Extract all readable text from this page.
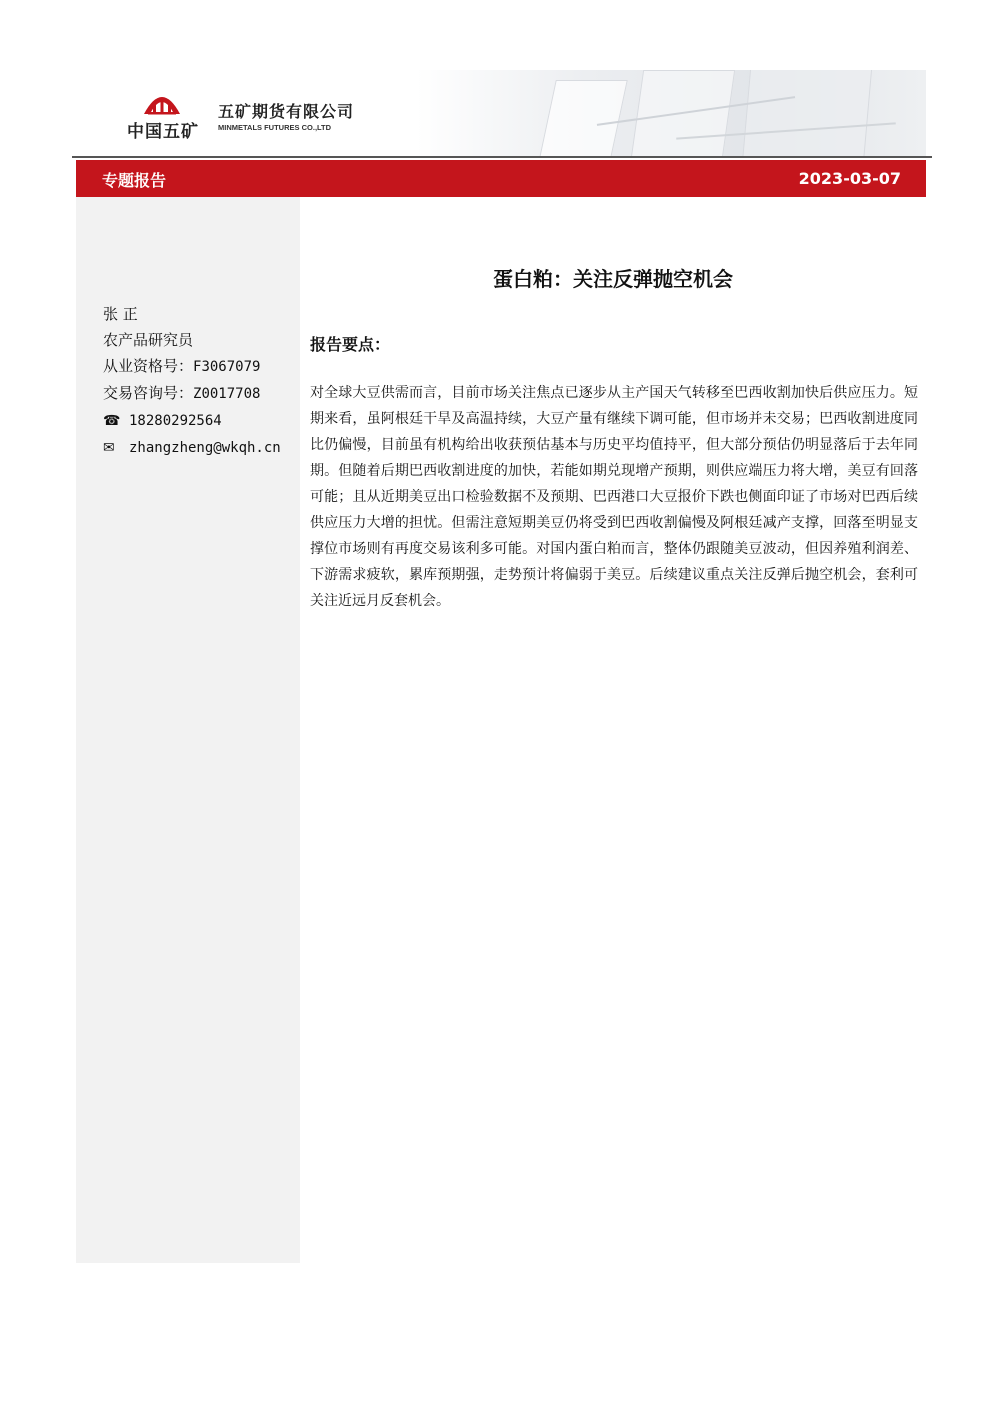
中国五矿
五矿期货有限公司
MINMETALS FUTURES CO.,LTD
专题报告	2023-03-07
张 正
农产品研究员
从业资格号：F3067079
交易咨询号：Z0017708
☎ 18280292564
✉ zhangzheng@wkqh.cn
蛋白粕：关注反弹抛空机会
报告要点：
对全球大豆供需而言，目前市场关注焦点已逐步从主产国天气转移至巴西收割加快后供应压力。短期来看，虽阿根廷干旱及高温持续，大豆产量有继续下调可能，但市场并未交易；巴西收割进度同比仍偏慢，目前虽有机构给出收获预估基本与历史平均值持平，但大部分预估仍明显落后于去年同期。但随着后期巴西收割进度的加快，若能如期兑现增产预期，则供应端压力将大增，美豆有回落可能；且从近期美豆出口检验数据不及预期、巴西港口大豆报价下跌也侧面印证了市场对巴西后续供应压力大增的担忧。但需注意短期美豆仍将受到巴西收割偏慢及阿根廷减产支撑，回落至明显支撑位市场则有再度交易该利多可能。对国内蛋白粕而言，整体仍跟随美豆波动，但因养殖利润差、下游需求疲软，累库预期强，走势预计将偏弱于美豆。后续建议重点关注反弹后抛空机会，套利可关注近远月反套机会。
